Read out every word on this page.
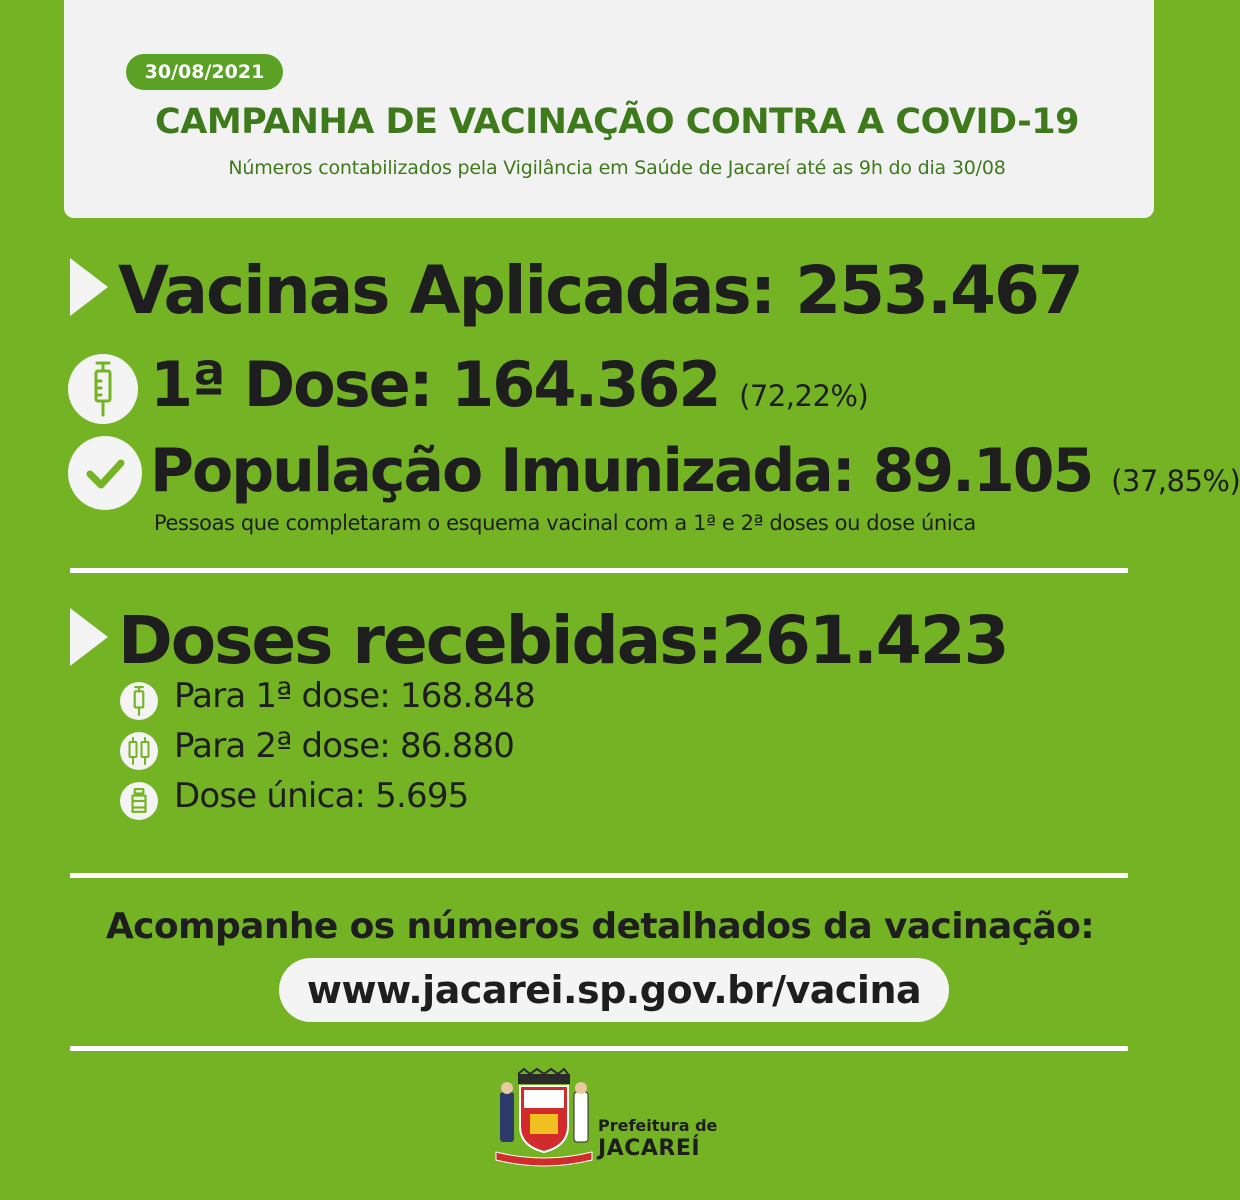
30/08/2021
CAMPANHA DE VACINAÇÃO CONTRA A COVID-19
Números contabilizados pela Vigilância em Saúde de Jacareí até as 9h do dia 30/08
Vacinas Aplicadas: 253.467
1ª Dose: 164.362 (72,22%)
População Imunizada: 89.105 (37,85%)
Pessoas que completaram o esquema vacinal com a 1ª e 2ª doses ou dose única
Doses recebidas:261.423
Para 1ª dose: 168.848
Para 2ª dose: 86.880
Dose única: 5.695
Acompanhe os números detalhados da vacinação:
www.jacarei.sp.gov.br/vacina
Prefeitura de
JACAREÍ
